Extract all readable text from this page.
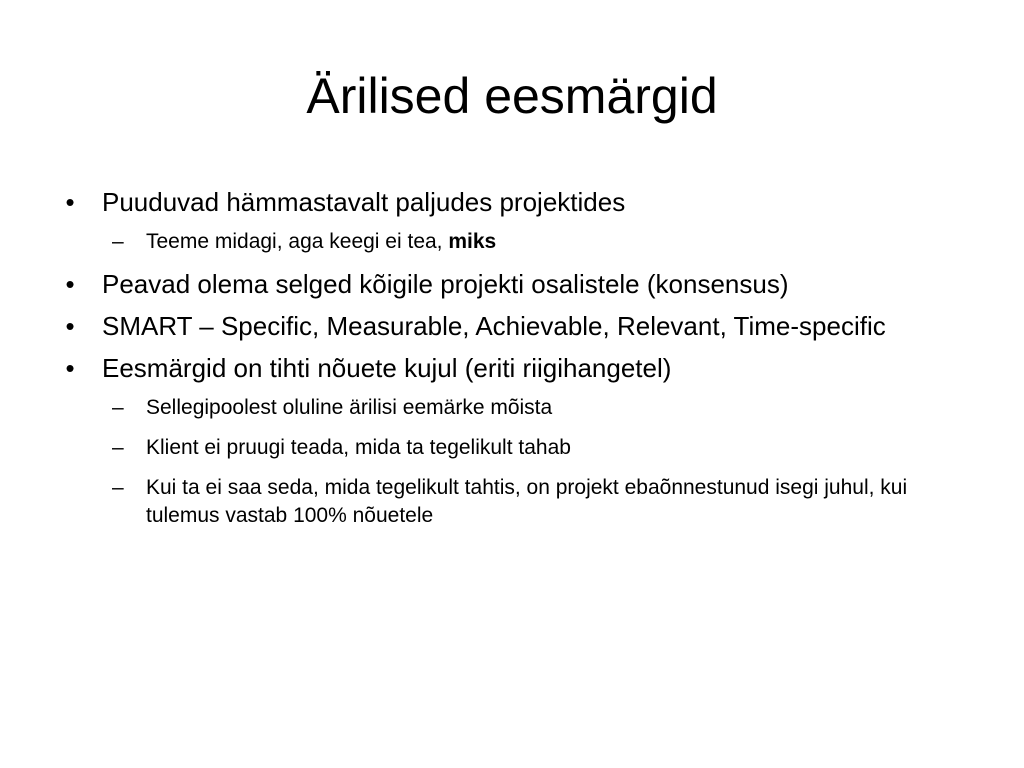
Ärilised eesmärgid
• Puuduvad hämmastavalt paljudes projektides
– Teeme midagi, aga keegi ei tea, miks
• Peavad olema selged kõigile projekti osalistele (konsensus)
• SMART – Specific, Measurable, Achievable, Relevant, Time-specific
• Eesmärgid on tihti nõuete kujul (eriti riigihangetel)
– Sellegipoolest oluline ärilisi eemärke mõista
– Klient ei pruugi teada, mida ta tegelikult tahab
– Kui ta ei saa seda, mida tegelikult tahtis, on projekt ebaõnnestunud isegi juhul, kui tulemus vastab 100% nõuetele
